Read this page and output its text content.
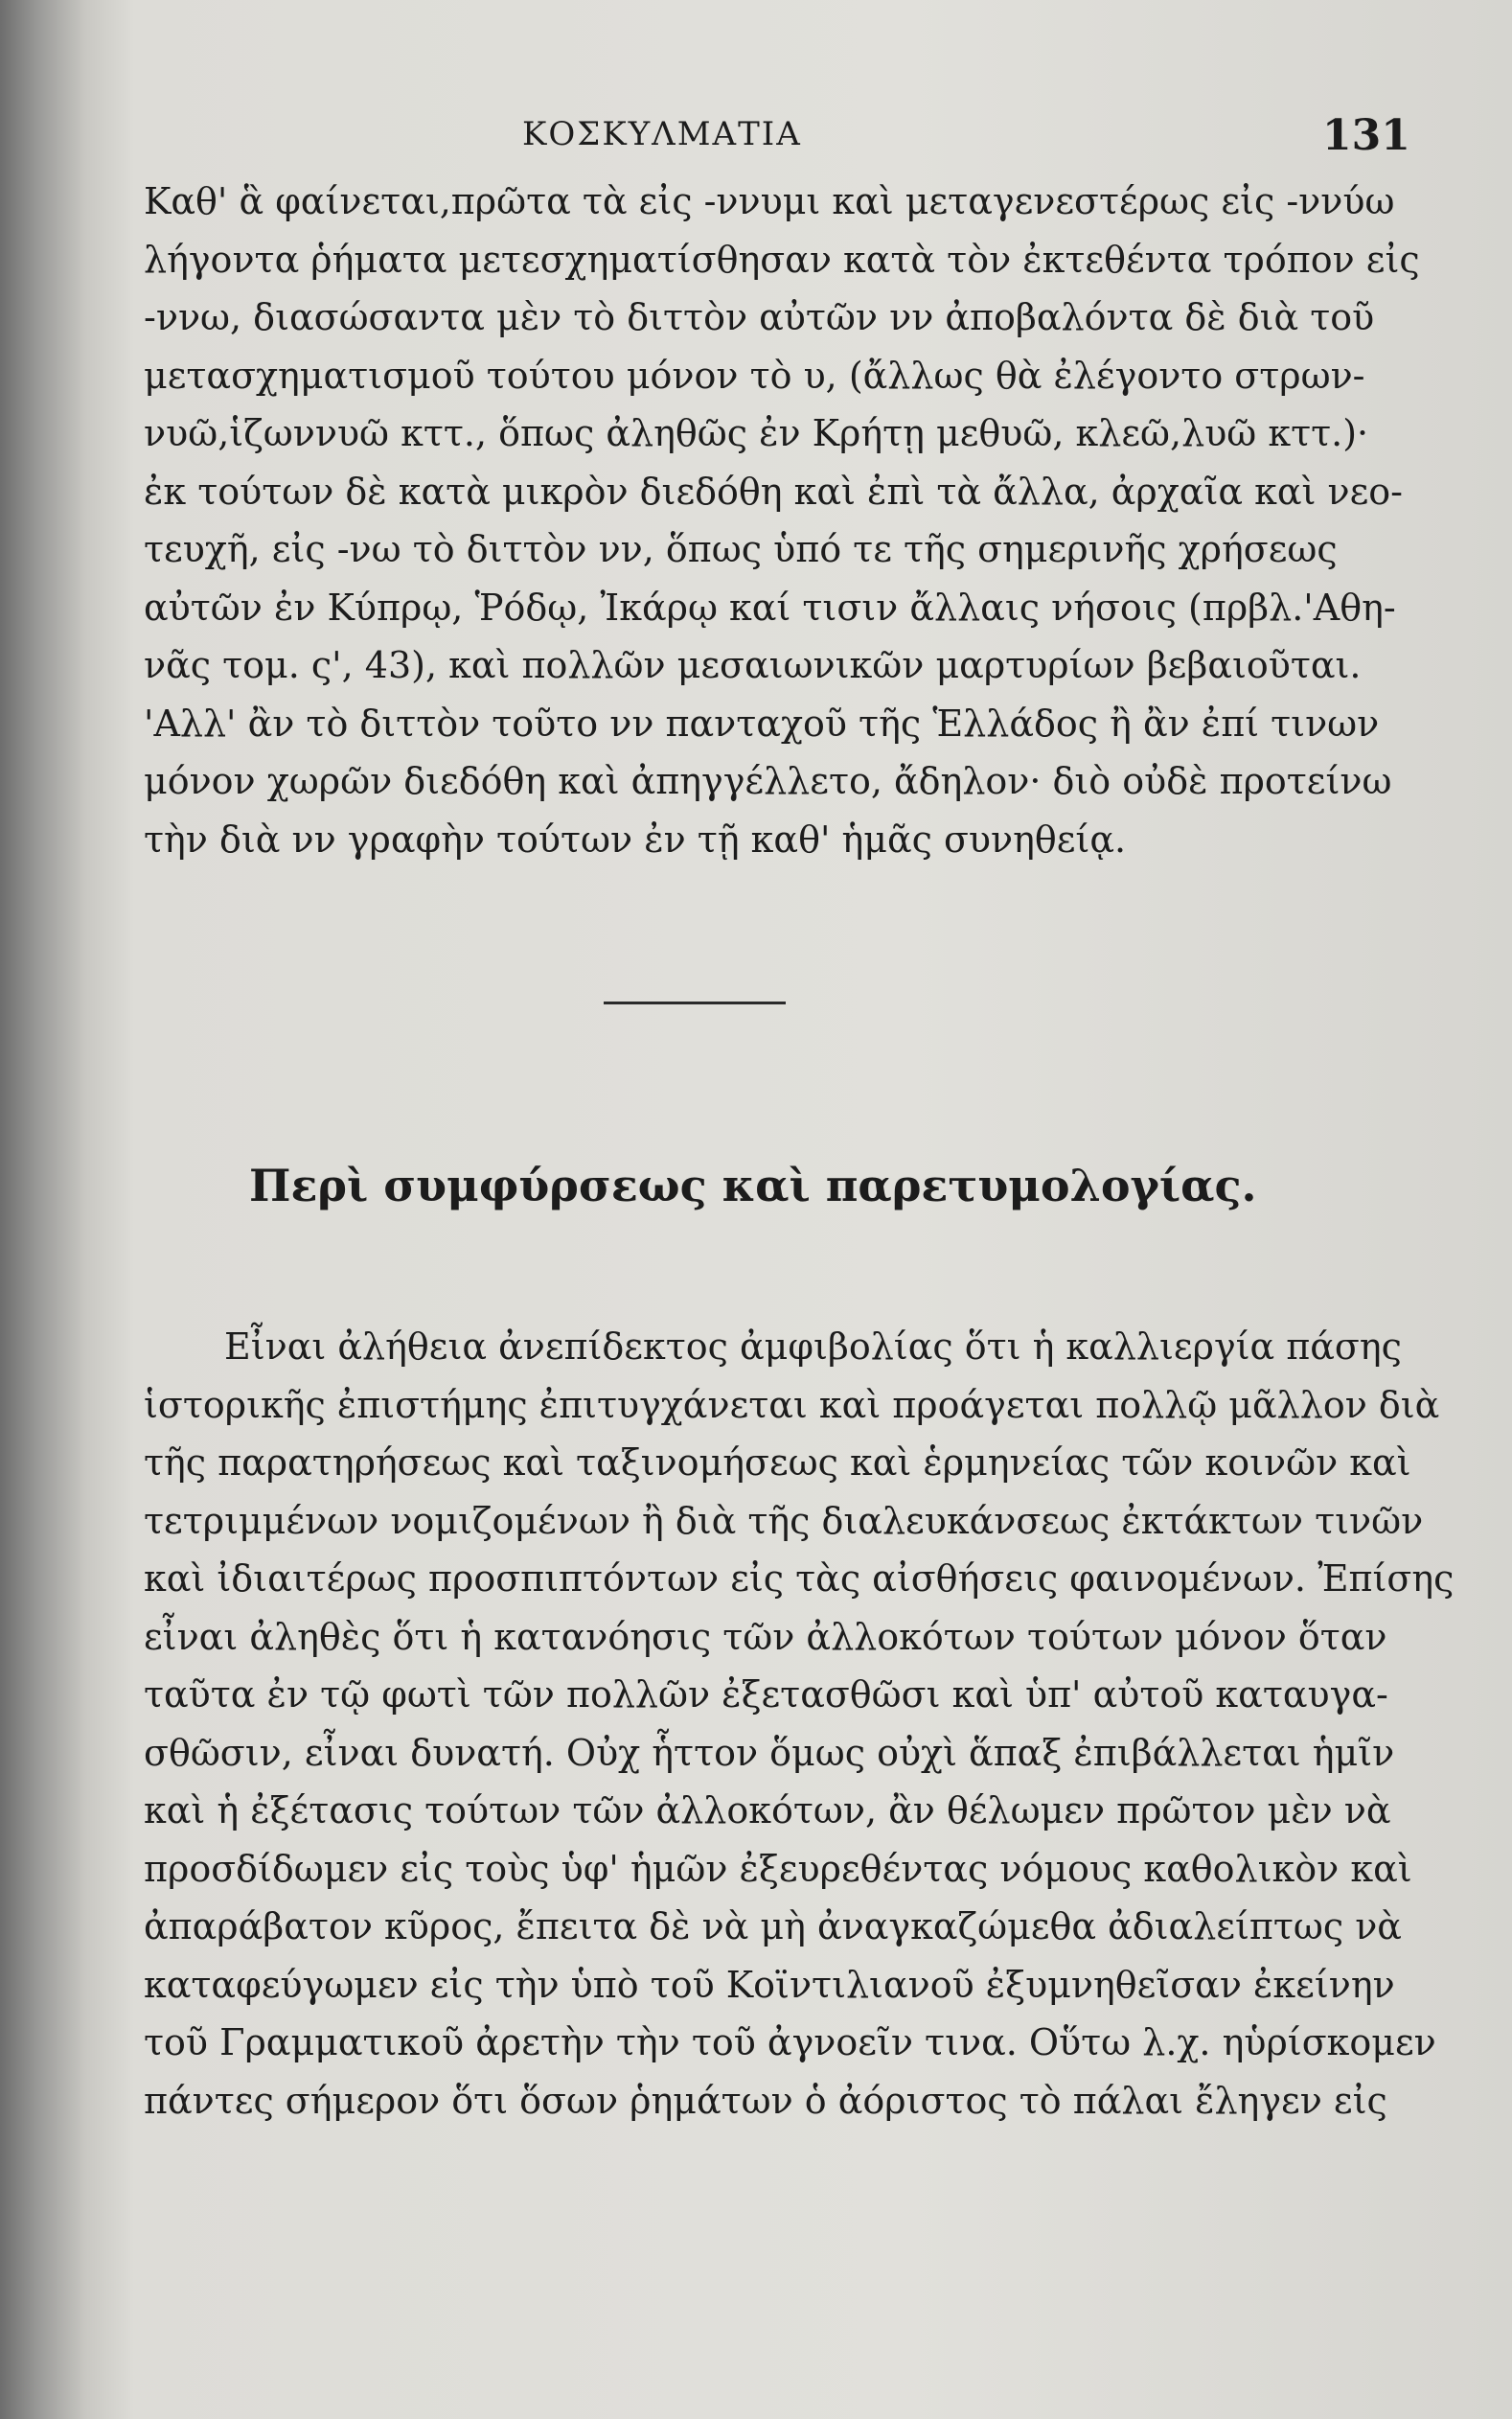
ΚΟΣΚΥΛΜΑΤΙΑ	131
Καθ' ἃ φαίνεται,πρῶτα τὰ εἰς -ννυμι καὶ μεταγενεστέρως εἰς -ννύω
λήγοντα ῥήματα μετεσχηματίσθησαν κατὰ τὸν ἐκτεθέντα τρόπον εἰς
-ννω, διασώσαντα μὲν τὸ διττὸν αὐτῶν νν ἀποβαλόντα δὲ διὰ τοῦ
μετασχηματισμοῦ τούτου μόνον τὸ υ, (ἄλλως θὰ ἐλέγοντο στρων-
νυῶ,ἱζωννυῶ κττ., ὅπως ἀληθῶς ἐν Κρήτῃ μεθυῶ, κλεῶ,λυῶ κττ.)·
ἐκ τούτων δὲ κατὰ μικρὸν διεδόθη καὶ ἐπὶ τὰ ἄλλα, ἀρχαῖα καὶ νεο-
τευχῆ, εἰς -νω τὸ διττὸν νν, ὅπως ὑπό τε τῆς σημερινῆς χρήσεως
αὐτῶν ἐν Κύπρῳ, Ῥόδῳ, Ἰκάρῳ καί τισιν ἄλλαις νήσοις (πρβλ.'Αθη-
νᾶς τομ. ς', 43), καὶ πολλῶν μεσαιωνικῶν μαρτυρίων βεβαιοῦται.
'Αλλ' ἂν τὸ διττὸν τοῦτο νν πανταχοῦ τῆς Ἑλλάδος ἢ ἂν ἐπί τινων
μόνον χωρῶν διεδόθη καὶ ἀπηγγέλλετο, ἄδηλον· διὸ οὐδὲ προτείνω
τὴν διὰ νν γραφὴν τούτων ἐν τῇ καθ' ἡμᾶς συνηθείᾳ.
Περὶ συμφύρσεως καὶ παρετυμολογίας.
Εἶναι ἀλήθεια ἀνεπίδεκτος ἀμφιβολίας ὅτι ἡ καλλιεργία πάσης
ἱστορικῆς ἐπιστήμης ἐπιτυγχάνεται καὶ προάγεται πολλῷ μᾶλλον διὰ
τῆς παρατηρήσεως καὶ ταξινομήσεως καὶ ἑρμηνείας τῶν κοινῶν καὶ
τετριμμένων νομιζομένων ἢ διὰ τῆς διαλευκάνσεως ἐκτάκτων τινῶν
καὶ ἰδιαιτέρως προσπιπτόντων εἰς τὰς αἰσθήσεις φαινομένων. Ἐπίσης
εἶναι ἀληθὲς ὅτι ἡ κατανόησις τῶν ἀλλοκότων τούτων μόνον ὅταν
ταῦτα ἐν τῷ φωτὶ τῶν πολλῶν ἐξετασθῶσι καὶ ὑπ' αὐτοῦ καταυγα-
σθῶσιν, εἶναι δυνατή. Οὐχ ἧττον ὅμως οὐχὶ ἅπαξ ἐπιβάλλεται ἡμῖν
καὶ ἡ ἐξέτασις τούτων τῶν ἀλλοκότων, ἂν θέλωμεν πρῶτον μὲν νὰ
προσδίδωμεν εἰς τοὺς ὑφ' ἡμῶν ἐξευρεθέντας νόμους καθολικὸν καὶ
ἀπαράβατον κῦρος, ἔπειτα δὲ νὰ μὴ ἀναγκαζώμεθα ἀδιαλείπτως νὰ
καταφεύγωμεν εἰς τὴν ὑπὸ τοῦ Κοϊντιλιανοῦ ἐξυμνηθεῖσαν ἐκείνην
τοῦ Γραμματικοῦ ἀρετὴν τὴν τοῦ ἀγνοεῖν τινα. Οὕτω λ.χ. ηὑρίσκομεν
πάντες σήμερον ὅτι ὅσων ῥημάτων ὁ ἀόριστος τὸ πάλαι ἔληγεν εἰς
